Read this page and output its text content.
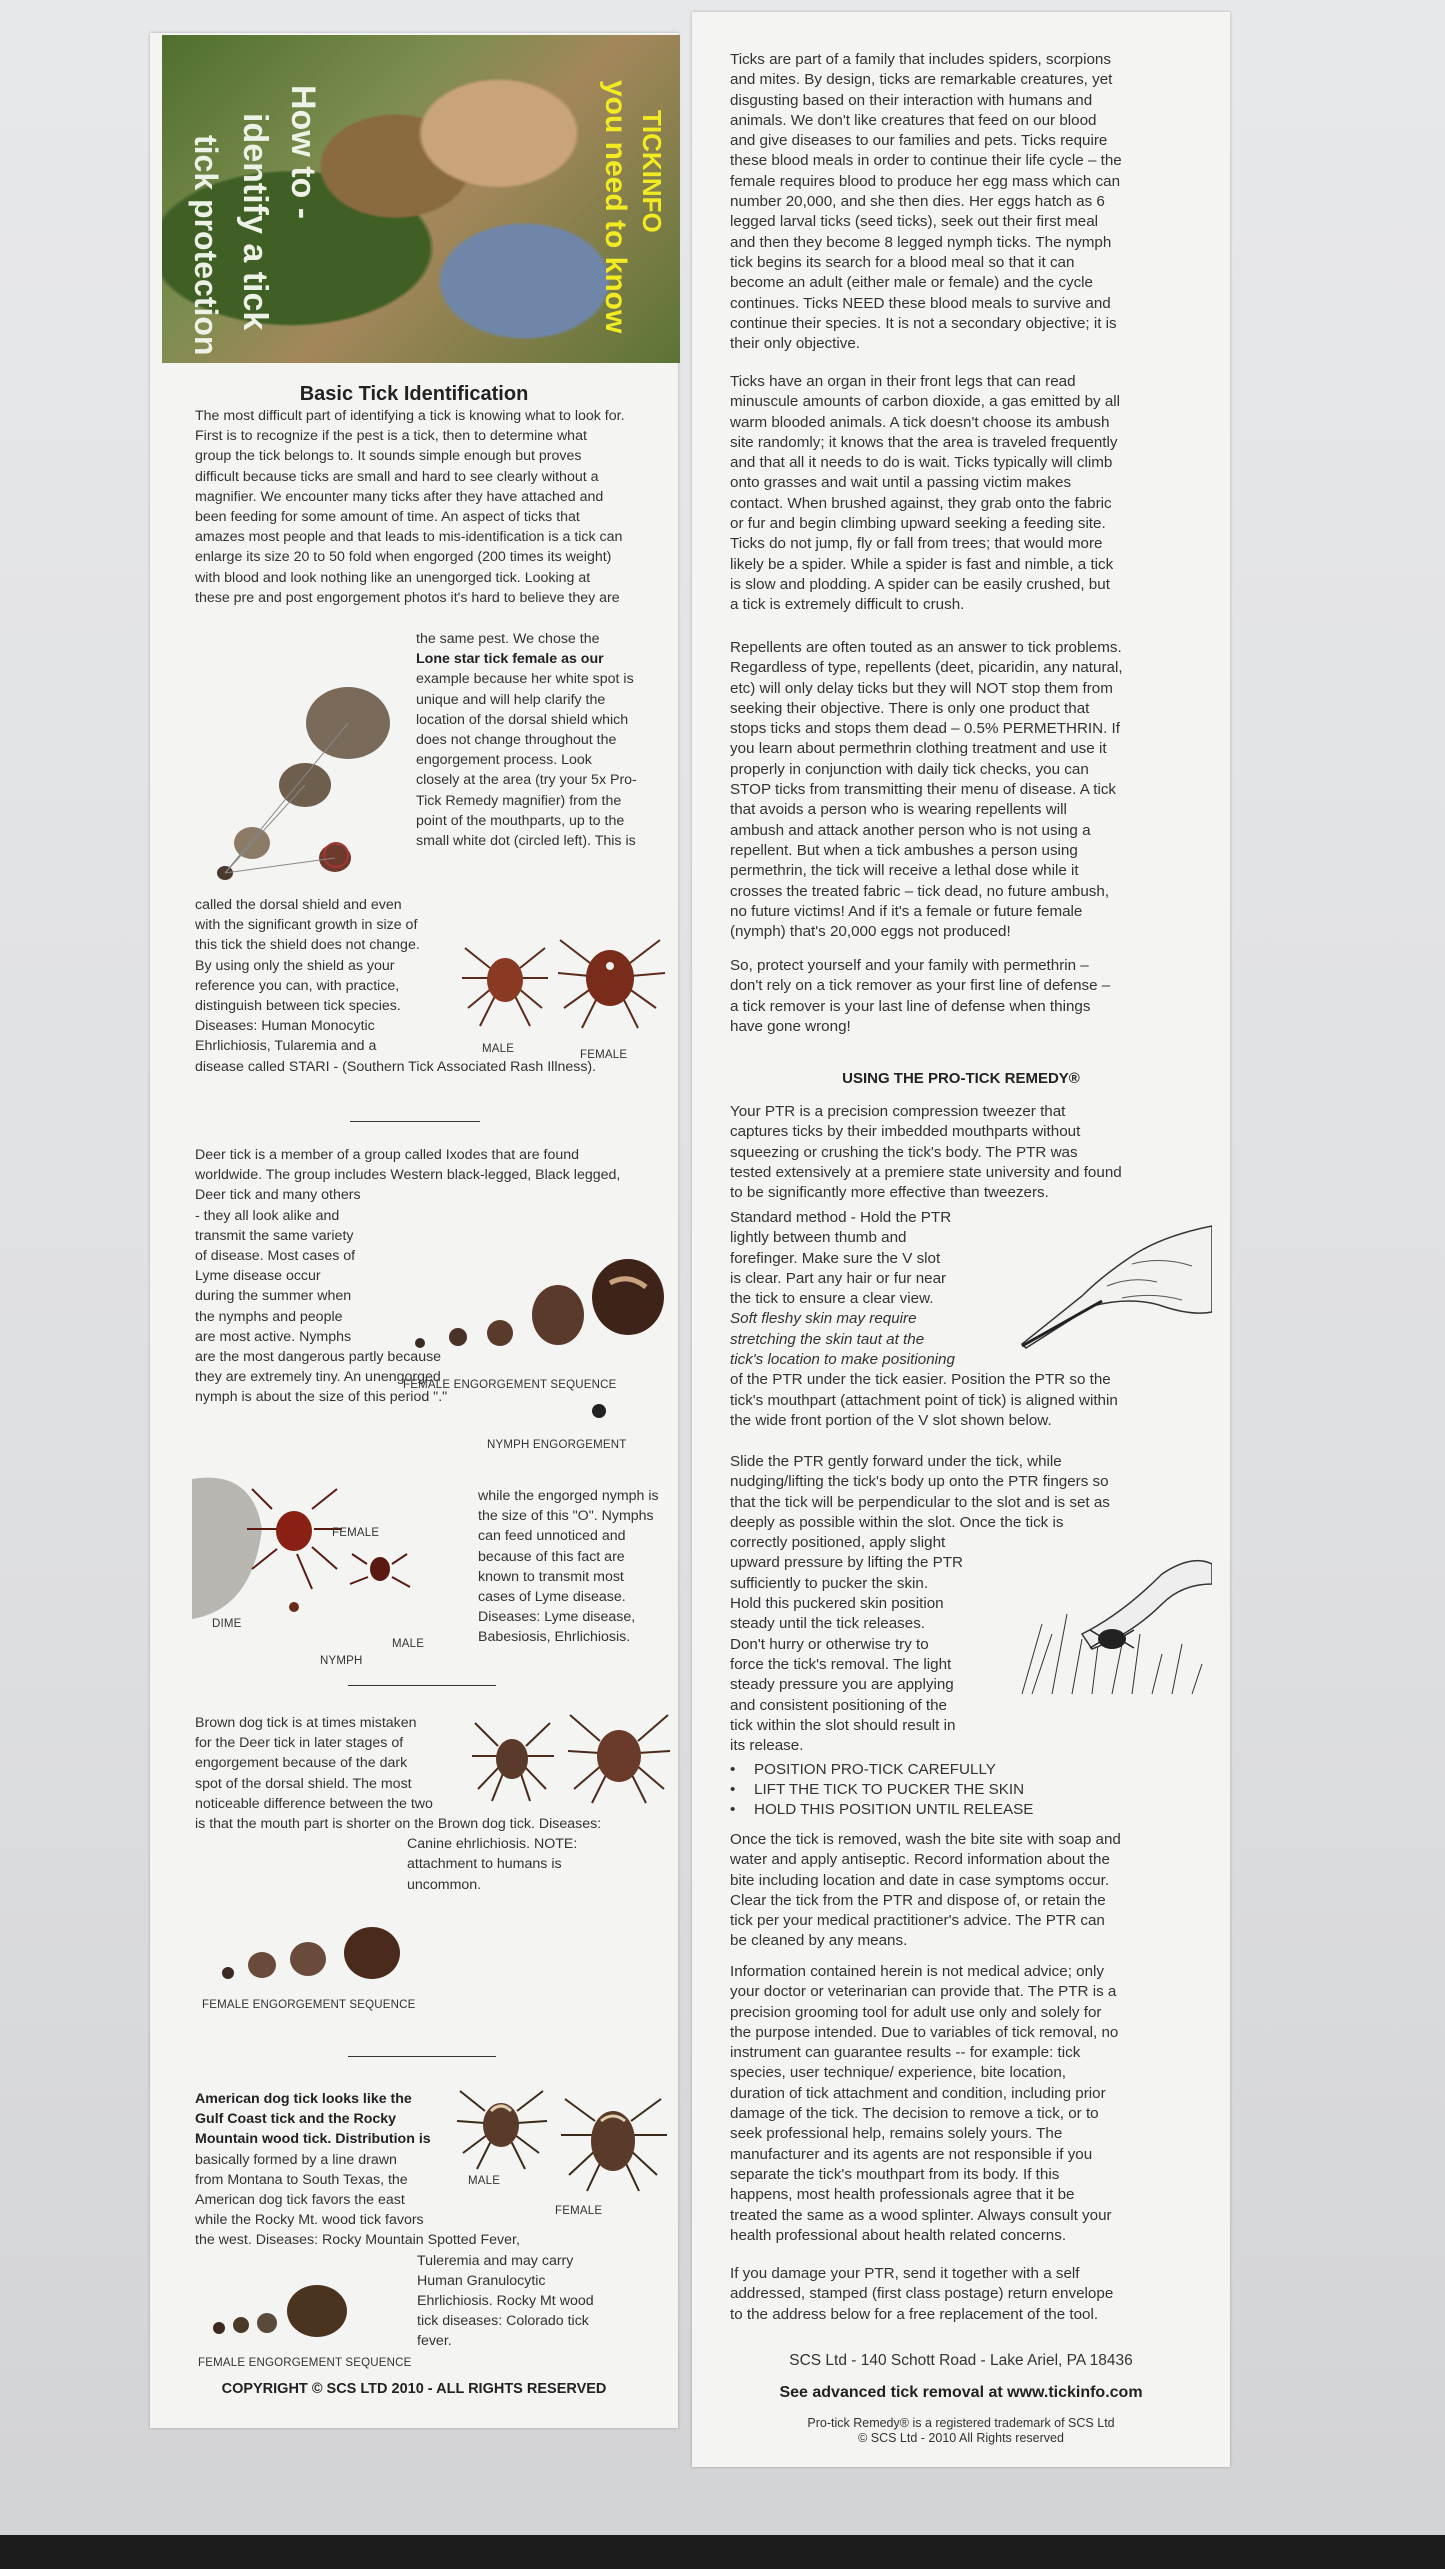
TICKINFO
you need to know
How to -
identify a tick
tick protection
Basic Tick Identification
The most difficult part of identifying a tick is knowing what to look for.
First is to recognize if the pest is a tick, then to determine what
group the tick belongs to. It sounds simple enough but proves
difficult because ticks are small and hard to see clearly without a
magnifier. We encounter many ticks after they have attached and
been feeding for some amount of time. An aspect of ticks that
amazes most people and that leads to mis-identification is a tick can
enlarge its size 20 to 50 fold when engorged (200 times its weight)
with blood and look nothing like an unengorged tick. Looking at
these pre and post engorgement photos it's hard to believe they are
the same pest. We chose the
Lone star tick female as our
example because her white spot is
unique and will help clarify the
location of the dorsal shield which
does not change throughout the
engorgement process. Look
closely at the area (try your 5x Pro-
Tick Remedy magnifier) from the
point of the mouthparts, up to the
small white dot (circled left). This is
called the dorsal shield and even
with the significant growth in size of
this tick the shield does not change.
By using only the shield as your
reference you can, with practice,
distinguish between tick species.
Diseases: Human Monocytic
Ehrlichiosis, Tularemia and a
disease called STARI - (Southern Tick Associated Rash Illness).
MALE	FEMALE
Deer tick is a member of a group called Ixodes that are found
worldwide. The group includes Western black-legged, Black legged,
Deer tick and many others
- they all look alike and
transmit the same variety
of disease. Most cases of
Lyme disease occur
during the summer when
the nymphs and people
are most active. Nymphs
are the most dangerous partly because
they are extremely tiny. An unengorged
nymph is about the size of this period "."
FEMALE ENGORGEMENT SEQUENCE
NYMPH ENGORGEMENT
FEMALE
DIME
MALE
NYMPH
while the engorged nymph is
the size of this "O". Nymphs
can feed unnoticed and
because of this fact are
known to transmit most
cases of Lyme disease.
Diseases: Lyme disease,
Babesiosis, Ehrlichiosis.
Brown dog tick is at times mistaken
for the Deer tick in later stages of
engorgement because of the dark
spot of the dorsal shield. The most
noticeable difference between the two
is that the mouth part is shorter on the Brown dog tick. Diseases:
Canine ehrlichiosis. NOTE:
attachment to humans is
uncommon.
FEMALE ENGORGEMENT SEQUENCE
American dog tick looks like the
Gulf Coast tick and the Rocky
Mountain wood tick. Distribution is
basically formed by a line drawn
from Montana to South Texas, the
American dog tick favors the east
while the Rocky Mt. wood tick favors
the west. Diseases: Rocky Mountain Spotted Fever,
Tuleremia and may carry
Human Granulocytic
Ehrlichiosis. Rocky Mt wood
tick diseases: Colorado tick
fever.
MALE
FEMALE
FEMALE ENGORGEMENT SEQUENCE
COPYRIGHT © SCS LTD 2010 - ALL RIGHTS RESERVED
Ticks are part of a family that includes spiders, scorpions
and mites. By design, ticks are remarkable creatures, yet
disgusting based on their interaction with humans and
animals. We don't like creatures that feed on our blood
and give diseases to our families and pets. Ticks require
these blood meals in order to continue their life cycle – the
female requires blood to produce her egg mass which can
number 20,000, and she then dies. Her eggs hatch as 6
legged larval ticks (seed ticks), seek out their first meal
and then they become 8 legged nymph ticks. The nymph
tick begins its search for a blood meal so that it can
become an adult (either male or female) and the cycle
continues. Ticks NEED these blood meals to survive and
continue their species. It is not a secondary objective; it is
their only objective.
Ticks have an organ in their front legs that can read
minuscule amounts of carbon dioxide, a gas emitted by all
warm blooded animals. A tick doesn't choose its ambush
site randomly; it knows that the area is traveled frequently
and that all it needs to do is wait. Ticks typically will climb
onto grasses and wait until a passing victim makes
contact. When brushed against, they grab onto the fabric
or fur and begin climbing upward seeking a feeding site.
Ticks do not jump, fly or fall from trees; that would more
likely be a spider. While a spider is fast and nimble, a tick
is slow and plodding. A spider can be easily crushed, but
a tick is extremely difficult to crush.
Repellents are often touted as an answer to tick problems.
Regardless of type, repellents (deet, picaridin, any natural,
etc) will only delay ticks but they will NOT stop them from
seeking their objective. There is only one product that
stops ticks and stops them dead – 0.5% PERMETHRIN. If
you learn about permethrin clothing treatment and use it
properly in conjunction with daily tick checks, you can
STOP ticks from transmitting their menu of disease. A tick
that avoids a person who is wearing repellents will
ambush and attack another person who is not using a
repellent. But when a tick ambushes a person using
permethrin, the tick will receive a lethal dose while it
crosses the treated fabric – tick dead, no future ambush,
no future victims! And if it's a female or future female
(nymph) that's 20,000 eggs not produced!
So, protect yourself and your family with permethrin –
don't rely on a tick remover as your first line of defense –
a tick remover is your last line of defense when things
have gone wrong!
USING THE PRO-TICK REMEDY®
Your PTR is a precision compression tweezer that
captures ticks by their imbedded mouthparts without
squeezing or crushing the tick's body. The PTR was
tested extensively at a premiere state university and found
to be significantly more effective than tweezers.
Standard method - Hold the PTR
lightly between thumb and
forefinger. Make sure the V slot
is clear. Part any hair or fur near
the tick to ensure a clear view.
Soft fleshy skin may require
stretching the skin taut at the
tick's location to make positioning
of the PTR under the tick easier. Position the PTR so the
tick's mouthpart (attachment point of tick) is aligned within
the wide front portion of the V slot shown below.
Slide the PTR gently forward under the tick, while
nudging/lifting the tick's body up onto the PTR fingers so
that the tick will be perpendicular to the slot and is set as
deeply as possible within the slot. Once the tick is
correctly positioned, apply slight
upward pressure by lifting the PTR
sufficiently to pucker the skin.
Hold this puckered skin position
steady until the tick releases.
Don't hurry or otherwise try to
force the tick's removal. The light
steady pressure you are applying
and consistent positioning of the
tick within the slot should result in
its release.
• POSITION PRO-TICK CAREFULLY
• LIFT THE TICK TO PUCKER THE SKIN
• HOLD THIS POSITION UNTIL RELEASE
Once the tick is removed, wash the bite site with soap and
water and apply antiseptic. Record information about the
bite including location and date in case symptoms occur.
Clear the tick from the PTR and dispose of, or retain the
tick per your medical practitioner's advice. The PTR can
be cleaned by any means.
Information contained herein is not medical advice; only
your doctor or veterinarian can provide that. The PTR is a
precision grooming tool for adult use only and solely for
the purpose intended. Due to variables of tick removal, no
instrument can guarantee results -- for example: tick
species, user technique/ experience, bite location,
duration of tick attachment and condition, including prior
damage of the tick. The decision to remove a tick, or to
seek professional help, remains solely yours. The
manufacturer and its agents are not responsible if you
separate the tick's mouthpart from its body. If this
happens, most health professionals agree that it be
treated the same as a wood splinter. Always consult your
health professional about health related concerns.
If you damage your PTR, send it together with a self
addressed, stamped (first class postage) return envelope
to the address below for a free replacement of the tool.
SCS Ltd - 140 Schott Road - Lake Ariel, PA 18436
See advanced tick removal at www.tickinfo.com
Pro-tick Remedy® is a registered trademark of SCS Ltd
© SCS Ltd - 2010 All Rights reserved
